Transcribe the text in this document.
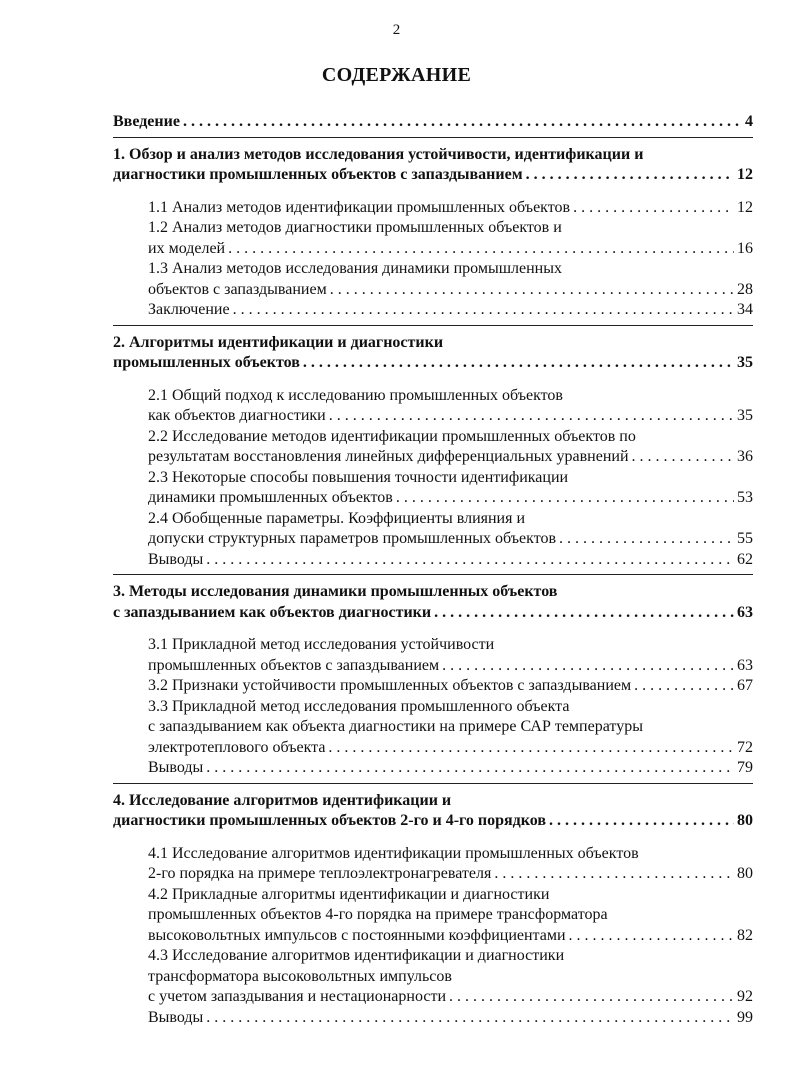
2
СОДЕРЖАНИЕ
Введение . . .	4
1. Обзор и анализ методов исследования устойчивости, идентификации и
диагностики промышленных объектов с запаздыванием . . .	12
1.1 Анализ методов идентификации промышленных объектов . . .	12
1.2 Анализ методов диагностики промышленных объектов и
их моделей . . .	16
1.3 Анализ методов исследования динамики промышленных
объектов с запаздыванием . . .	28
Заключение . . .	34
2. Алгоритмы идентификации и диагностики
промышленных объектов . . .	35
2.1 Общий подход к исследованию промышленных объектов
как объектов диагностики . . .	35
2.2 Исследование методов идентификации промышленных объектов по
результатам восстановления линейных дифференциальных уравнений . . .	36
2.3 Некоторые способы повышения точности идентификации
динамики промышленных объектов . . .	53
2.4 Обобщенные параметры. Коэффициенты влияния и
допуски структурных параметров промышленных объектов . . .	55
Выводы . . .	62
3. Методы исследования динамики промышленных объектов
с запаздыванием как объектов диагностики . . .	63
3.1 Прикладной метод исследования устойчивости
промышленных объектов с запаздыванием . . .	63
3.2 Признаки устойчивости промышленных объектов с запаздыванием . . .	67
3.3 Прикладной метод исследования промышленного объекта
с запаздыванием как объекта диагностики на примере САР температуры
электротеплового объекта . . .	72
Выводы . . .	79
4. Исследование алгоритмов идентификации и
диагностики промышленных объектов 2-го и 4-го порядков . . .	80
4.1 Исследование алгоритмов идентификации промышленных объектов
2-го порядка на примере теплоэлектронагревателя . . .	80
4.2 Прикладные алгоритмы идентификации и диагностики
промышленных объектов 4-го порядка на примере трансформатора
высоковольтных импульсов с постоянными коэффициентами . . .	82
4.3 Исследование алгоритмов идентификации и диагностики
трансформатора высоковольтных импульсов
с учетом запаздывания и нестационарности . . .	92
Выводы . . .	99
